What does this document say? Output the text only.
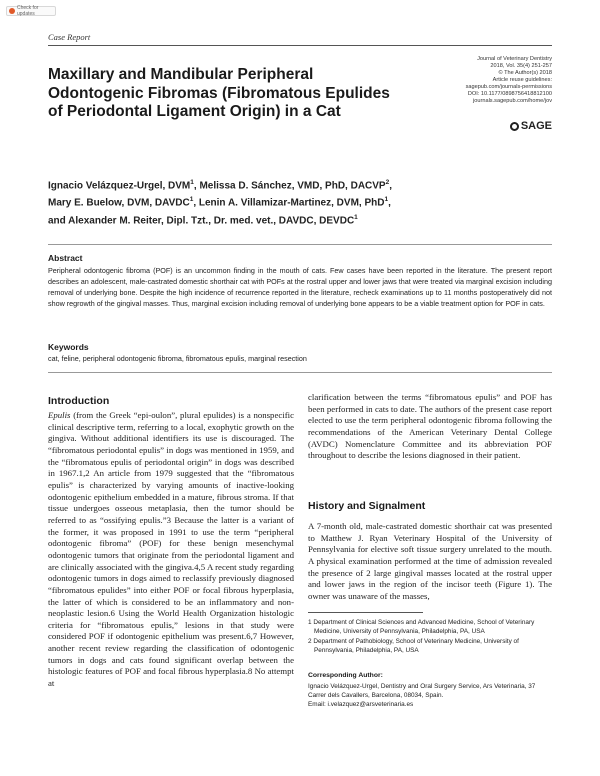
Check for updates
Case Report
Maxillary and Mandibular Peripheral Odontogenic Fibromas (Fibromatous Epulides of Periodontal Ligament Origin) in a Cat
Journal of Veterinary Dentistry
2018, Vol. 35(4) 251-257
© The Author(s) 2018
Article reuse guidelines:
sagepub.com/journals-permissions
DOI: 10.1177/0898756418812100
journals.sagepub.com/home/jov
SAGE
Ignacio Velázquez-Urgel, DVM$^1$, Melissa D. Sánchez, VMD, PhD, DACVP$^2$,
Mary E. Buelow, DVM, DAVDC$^1$, Lenin A. Villamizar-Martinez, DVM, PhD$^1$,
and Alexander M. Reiter, Dipl. Tzt., Dr. med. vet., DAVDC, DEVDC$^1$
Abstract
Peripheral odontogenic fibroma (POF) is an uncommon finding in the mouth of cats. Few cases have been reported in the literature. The present report describes an adolescent, male-castrated domestic shorthair cat with POFs at the rostral upper and lower jaws that were treated via marginal excision including removal of underlying bone. Despite the high incidence of recurrence reported in the literature, recheck examinations up to 11 months postoperatively did not show regrowth of the gingival masses. Thus, marginal excision including removal of underlying bone appears to be a viable treatment option for POF in cats.
Keywords
cat, feline, peripheral odontogenic fibroma, fibromatous epulis, marginal resection
Introduction
Epulis (from the Greek “epi-oulon”, plural epulides) is a nonspecific clinical descriptive term, referring to a local, exophytic growth on the gingiva. Without additional identifiers its use is discouraged. The “fibromatous periodontal epulis” in dogs was mentioned in 1959, and the “fibromatous epulis of periodontal origin” in dogs was described in 1967.1,2 An article from 1979 suggested that the “fibromatous epulis” is characterized by varying amounts of inactive-looking odontogenic epithelium embedded in a mature, fibrous stroma. If that tissue undergoes osseous metaplasia, then the tumor should be referred to as “ossifying epulis.”3 Because the latter is a variant of the former, it was proposed in 1991 to use the term “peripheral odontogenic fibroma” (POF) for these benign mesenchymal odontogenic tumors that originate from the periodontal ligament and are clinically associated with the gingiva.4,5 A recent study regarding odontogenic tumors in dogs aimed to reclassify previously diagnosed “fibromatous epulides” into either POF or focal fibrous hyperplasia, the latter of which is considered to be an inflammatory and non-neoplastic lesion.6 Using the World Health Organization histologic criteria for “fibromatous epulis,” lesions in that study were considered POF if odontogenic epithelium was present.6,7 However, another recent review regarding the classification of odontogenic tumors in dogs and cats found significant overlap between the histologic features of POF and focal fibrous hyperplasia.8 No attempt at
clarification between the terms “fibromatous epulis” and POF has been performed in cats to date. The authors of the present case report elected to use the term peripheral odontogenic fibroma following the recommendations of the American Veterinary Dental College (AVDC) Nomenclature Committee and its abbreviation POF throughout to describe the lesions diagnosed in their patient.
History and Signalment
A 7-month old, male-castrated domestic shorthair cat was presented to Matthew J. Ryan Veterinary Hospital of the University of Pennsylvania for elective soft tissue surgery unrelated to the mouth. A physical examination performed at the time of admission revealed the presence of 2 large gingival masses located at the rostral upper and lower jaws in the region of the incisor teeth (Figure 1). The owner was unaware of the masses,
1 Department of Clinical Sciences and Advanced Medicine, School of Veterinary Medicine, University of Pennsylvania, Philadelphia, PA, USA
2 Department of Pathobiology, School of Veterinary Medicine, University of Pennsylvania, Philadelphia, PA, USA
Corresponding Author:
Ignacio Velázquez-Urgel, Dentistry and Oral Surgery Service, Ars Veterinaria, 37 Carrer dels Cavallers, Barcelona, 08034, Spain.
Email: i.velazquez@arsveterinaria.es
